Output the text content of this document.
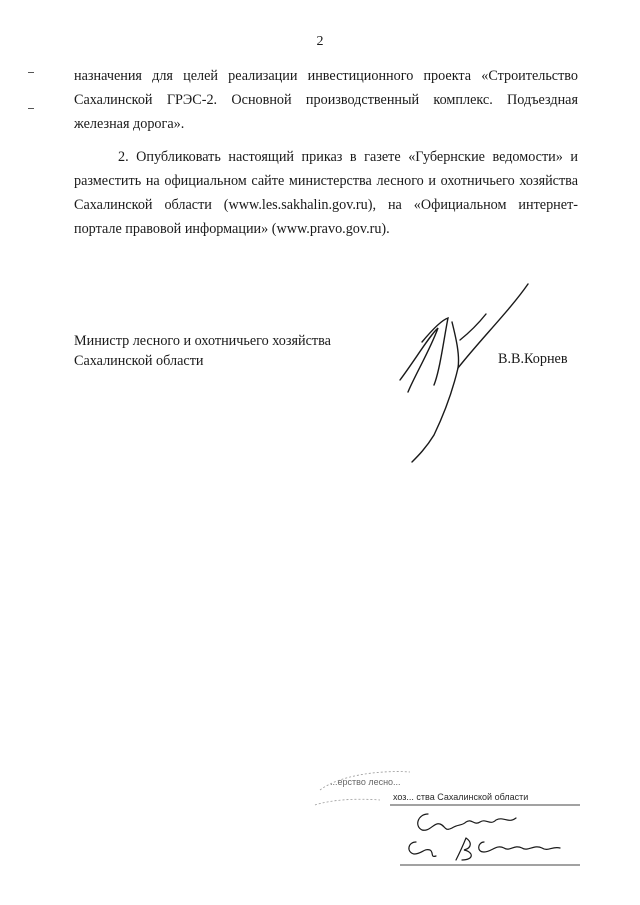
2

назначения для целей реализации инвестиционного проекта «Строительство Сахалинской ГРЭС-2. Основной производственный комплекс. Подъездная железная дорога».

2. Опубликовать настоящий приказ в газете «Губернские ведомости» и разместить на официальном сайте министерства лесного и охотничьего хозяйства Сахалинской области (www.les.sakhalin.gov.ru), на «Официальном интернет-портале правовой информации» (www.pravo.gov.ru).

Министр лесного и охотничьего хозяйства
Сахалинской области	В.В.Корнев
...ерство лесно...
хоз... ства Сахалинской области
